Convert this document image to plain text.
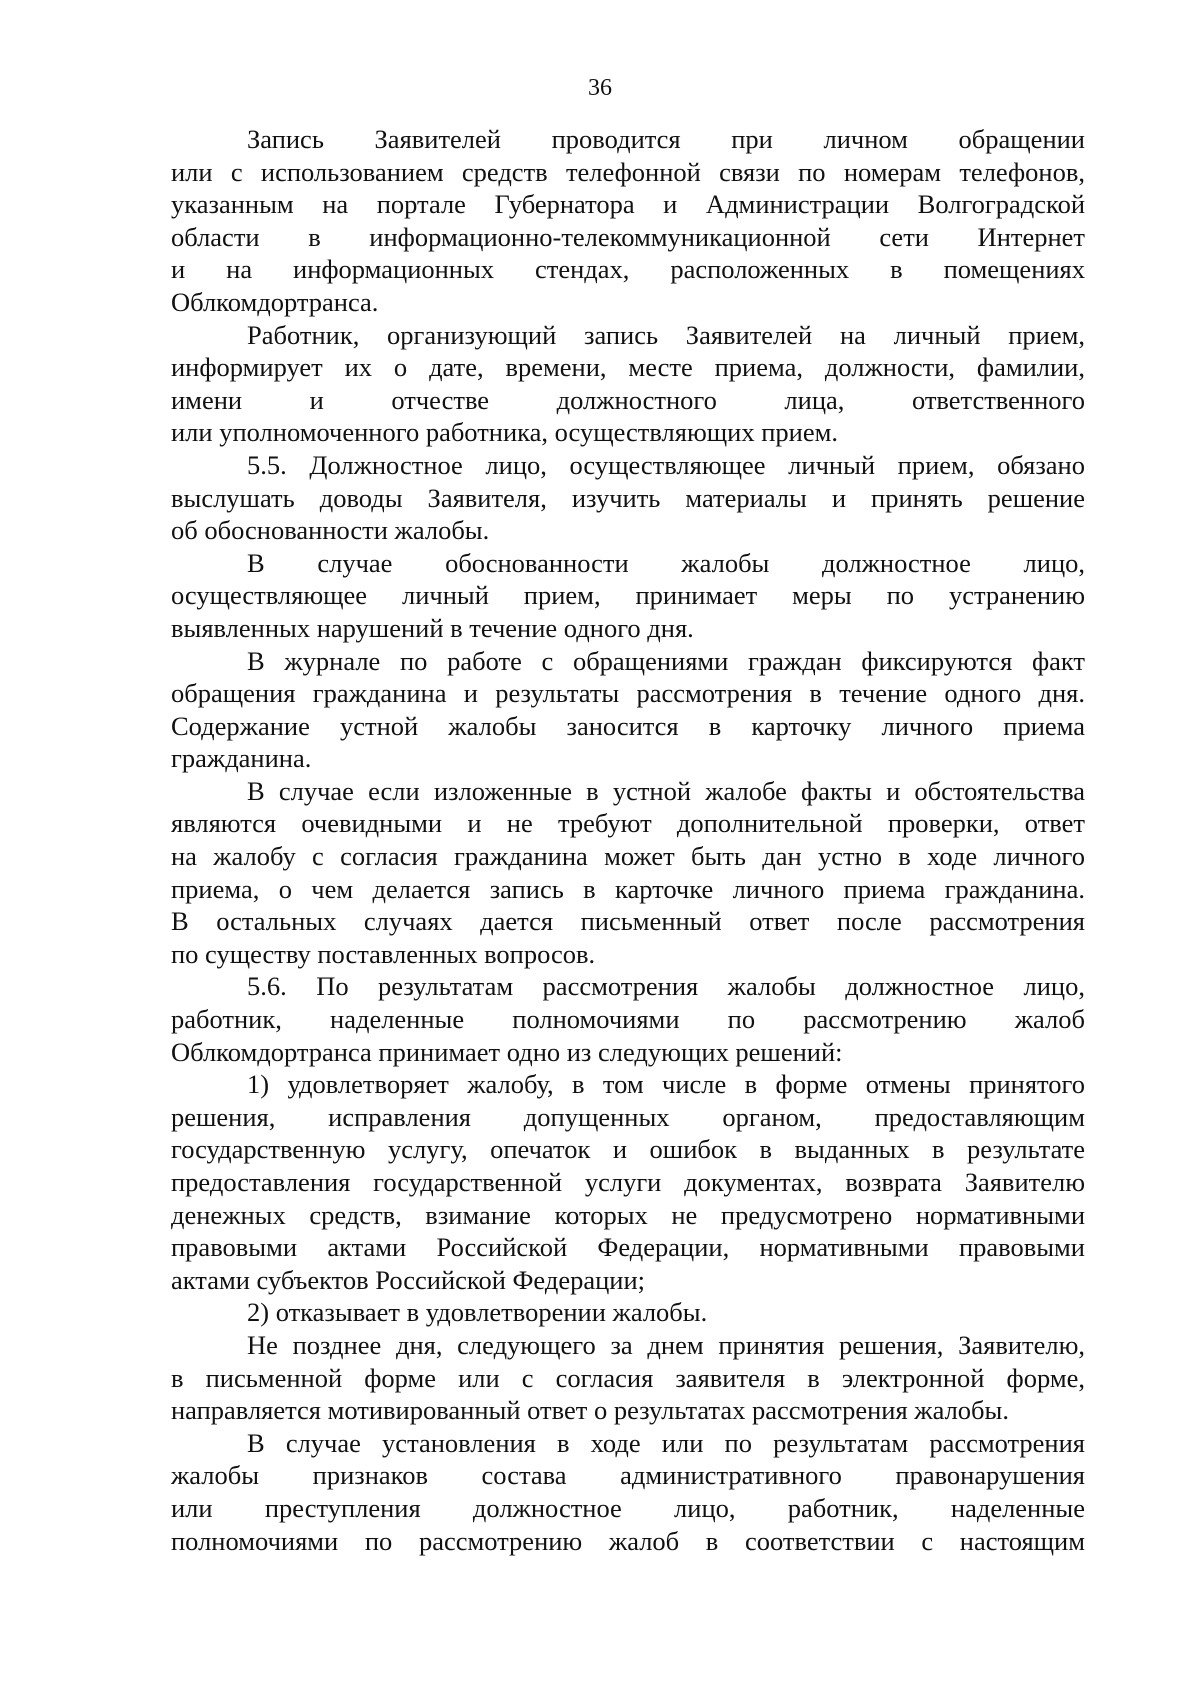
36
Запись Заявителей проводится при личном обращении
или с использованием средств телефонной связи по номерам телефонов,
указанным на портале Губернатора и Администрации Волгоградской
области в информационно-телекоммуникационной сети Интернет
и на информационных стендах, расположенных в помещениях
Облкомдортранса.
Работник, организующий запись Заявителей на личный прием,
информирует их о дате, времени, месте приема, должности, фамилии,
имени и отчестве должностного лица, ответственного
или уполномоченного работника, осуществляющих прием.
5.5. Должностное лицо, осуществляющее личный прием, обязано
выслушать доводы Заявителя, изучить материалы и принять решение
об обоснованности жалобы.
В случае обоснованности жалобы должностное лицо,
осуществляющее личный прием, принимает меры по устранению
выявленных нарушений в течение одного дня.
В журнале по работе с обращениями граждан фиксируются факт
обращения гражданина и результаты рассмотрения в течение одного дня.
Содержание устной жалобы заносится в карточку личного приема
гражданина.
В случае если изложенные в устной жалобе факты и обстоятельства
являются очевидными и не требуют дополнительной проверки, ответ
на жалобу с согласия гражданина может быть дан устно в ходе личного
приема, о чем делается запись в карточке личного приема гражданина.
В остальных случаях дается письменный ответ после рассмотрения
по существу поставленных вопросов.
5.6. По результатам рассмотрения жалобы должностное лицо,
работник, наделенные полномочиями по рассмотрению жалоб
Облкомдортранса принимает одно из следующих решений:
1) удовлетворяет жалобу, в том числе в форме отмены принятого
решения, исправления допущенных органом, предоставляющим
государственную услугу, опечаток и ошибок в выданных в результате
предоставления государственной услуги документах, возврата Заявителю
денежных средств, взимание которых не предусмотрено нормативными
правовыми актами Российской Федерации, нормативными правовыми
актами субъектов Российской Федерации;
2) отказывает в удовлетворении жалобы.
Не позднее дня, следующего за днем принятия решения, Заявителю,
в письменной форме или с согласия заявителя в электронной форме,
направляется мотивированный ответ о результатах рассмотрения жалобы.
В случае установления в ходе или по результатам рассмотрения
жалобы признаков состава административного правонарушения
или преступления должностное лицо, работник, наделенные
полномочиями по рассмотрению жалоб в соответствии с настоящим
